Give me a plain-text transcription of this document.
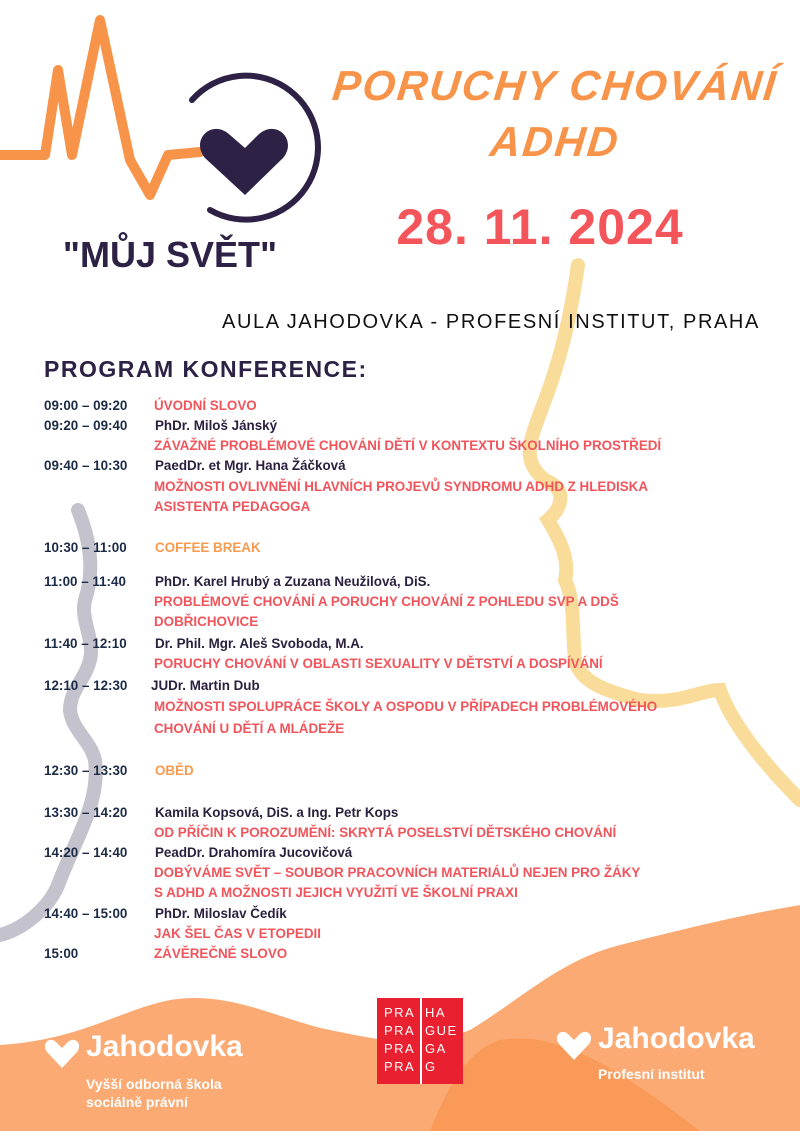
"MŮJ SVĚT"
PORUCHY CHOVÁNÍ
ADHD
28. 11. 2024
AULA JAHODOVKA - PROFESNÍ INSTITUT, PRAHA
PROGRAM KONFERENCE:
09:00 – 09:20 ÚVODNÍ SLOVO
09:20 – 09:40 PhDr. Miloš Jánský
ZÁVAŽNÉ PROBLÉMOVÉ CHOVÁNÍ DĚTÍ V KONTEXTU ŠKOLNÍHO PROSTŘEDÍ
09:40 – 10:30 PaedDr. et Mgr. Hana Žáčková
MOŽNOSTI OVLIVNĚNÍ HLAVNÍCH PROJEVŮ SYNDROMU ADHD Z HLEDISKA
ASISTENTA PEDAGOGA
10:30 – 11:00 COFFEE BREAK
11:00 – 11:40 PhDr. Karel Hrubý a Zuzana Neužilová, DiS.
PROBLÉMOVÉ CHOVÁNÍ A PORUCHY CHOVÁNÍ Z POHLEDU SVP A DDŠ
DOBŘICHOVICE
11:40 – 12:10 Dr. Phil. Mgr. Aleš Svoboda, M.A.
PORUCHY CHOVÁNÍ V OBLASTI SEXUALITY V DĚTSTVÍ A DOSPÍVÁNÍ
12:10 – 12:30 JUDr. Martin Dub
MOŽNOSTI SPOLUPRÁCE ŠKOLY A OSPODU V PŘÍPADECH PROBLÉMOVÉHO
CHOVÁNÍ U DĚTÍ A MLÁDEŽE
12:30 – 13:30 OBĚD
13:30 – 14:20 Kamila Kopsová, DiS. a Ing. Petr Kops
OD PŘÍČIN K POROZUMĚNÍ: SKRYTÁ POSELSTVÍ DĚTSKÉHO CHOVÁNÍ
14:20 – 14:40 PeadDr. Drahomíra Jucovičová
DOBÝVÁME SVĚT – SOUBOR PRACOVNÍCH MATERIÁLŮ NEJEN PRO ŽÁKY
S ADHD A MOŽNOSTI JEJICH VYUŽITÍ VE ŠKOLNÍ PRAXI
14:40 – 15:00 PhDr. Miloslav Čedík
JAK ŠEL ČAS V ETOPEDII
15:00	ZÁVĚREČNÉ SLOVO
Jahodovka
Vyšší odborná škola
sociálně právní
PRA
PRA
PRA
PRA
HA
GUE
GA
G
Jahodovka
Profesní institut
